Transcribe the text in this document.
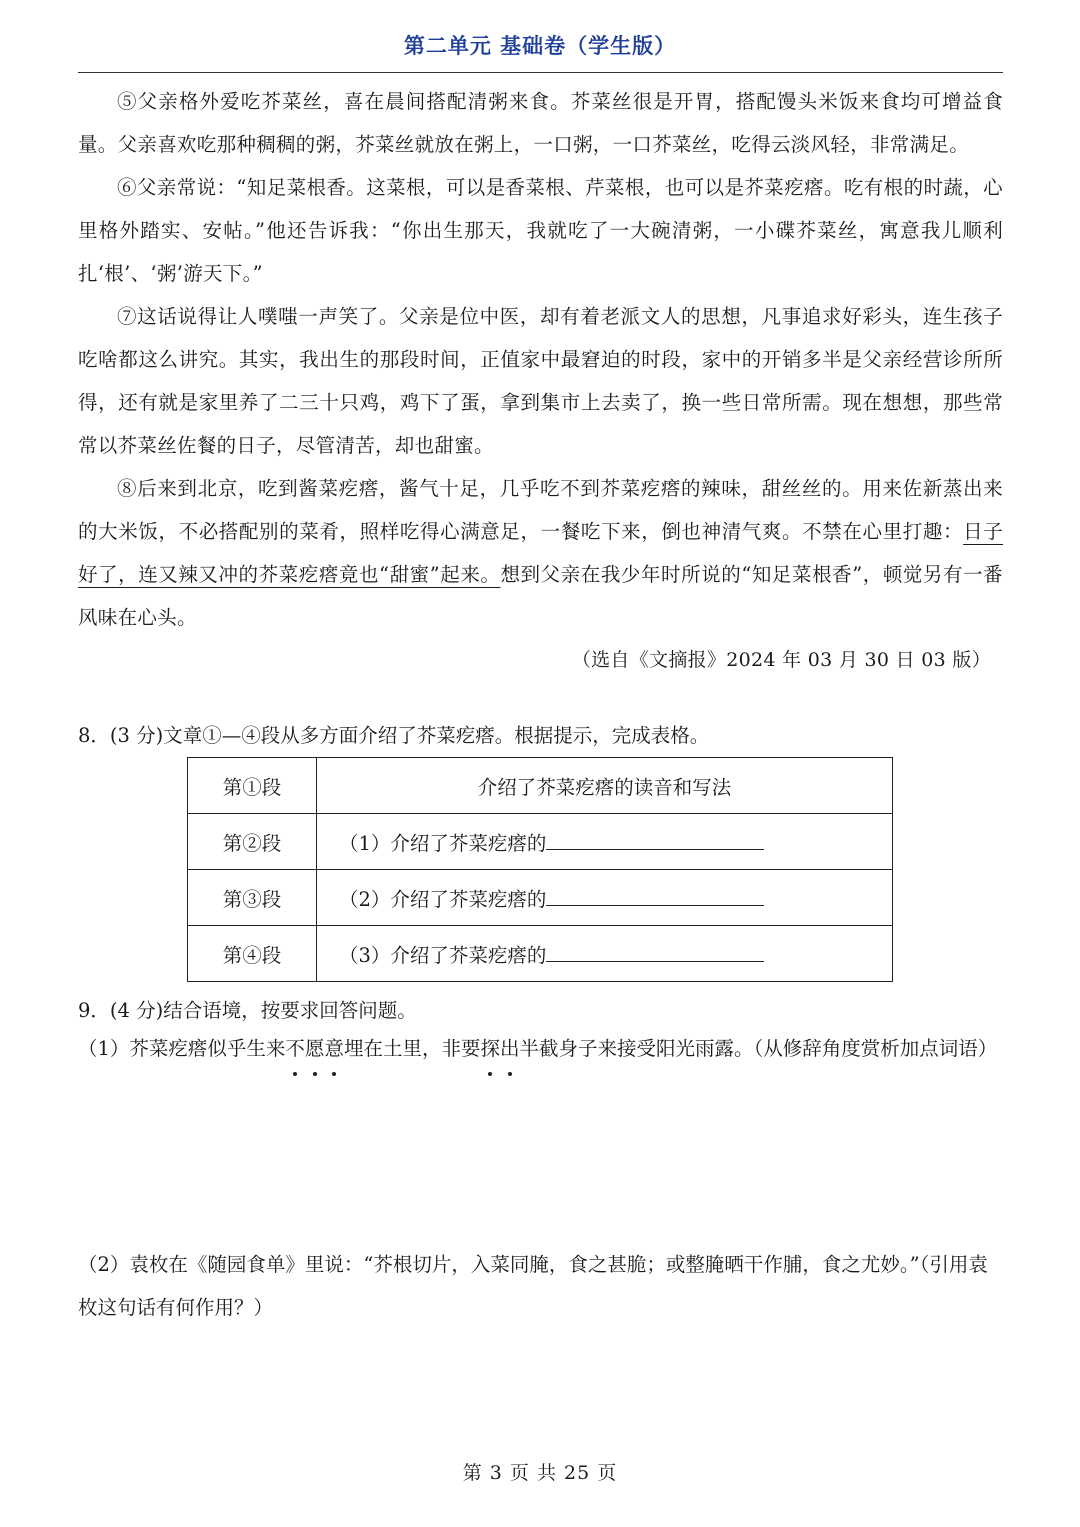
第二单元 基础卷（学生版）

⑤父亲格外爱吃芥菜丝，喜在晨间搭配清粥来食。芥菜丝很是开胃，搭配馒头米饭来食均可增益食量。父亲喜欢吃那种稠稠的粥，芥菜丝就放在粥上，一口粥，一口芥菜丝，吃得云淡风轻，非常满足。

⑥父亲常说：“知足菜根香。这菜根，可以是香菜根、芹菜根，也可以是芥菜疙瘩。吃有根的时蔬，心里格外踏实、安帖。”他还告诉我：“你出生那天，我就吃了一大碗清粥，一小碟芥菜丝，寓意我儿顺利扎‘根’、‘粥’游天下。”

⑦这话说得让人噗嗤一声笑了。父亲是位中医，却有着老派文人的思想，凡事追求好彩头，连生孩子吃啥都这么讲究。其实，我出生的那段时间，正值家中最窘迫的时段，家中的开销多半是父亲经营诊所所得，还有就是家里养了二三十只鸡，鸡下了蛋，拿到集市上去卖了，换一些日常所需。现在想想，那些常常以芥菜丝佐餐的日子，尽管清苦，却也甜蜜。

⑧后来到北京，吃到酱菜疙瘩，酱气十足，几乎吃不到芥菜疙瘩的辣味，甜丝丝的。用来佐新蒸出来的大米饭，不必搭配别的菜肴，照样吃得心满意足，一餐吃下来，倒也神清气爽。不禁在心里打趣：日子好了，连又辣又冲的芥菜疙瘩竟也“甜蜜”起来。想到父亲在我少年时所说的“知足菜根香”，顿觉另有一番风味在心头。

（选自《文摘报》2024 年 03 月 30 日 03 版）
8．(3 分)文章①—④段从多方面介绍了芥菜疙瘩。根据提示，完成表格。
第①段	介绍了芥菜疙瘩的读音和写法
第②段	（1）介绍了芥菜疙瘩的
第③段	（2）介绍了芥菜疙瘩的
第④段	（3）介绍了芥菜疙瘩的
9．(4 分)结合语境，按要求回答问题。
（1）芥菜疙瘩似乎生来不愿意埋在土里，非要探出半截身子来接受阳光雨露。（从修辞角度赏析加点词语）
（2）袁枚在《随园食单》里说：“芥根切片，入菜同腌，食之甚脆；或整腌晒干作脯，食之尤妙。”（引用袁枚这句话有何作用？）
第 3 页 共 25 页
